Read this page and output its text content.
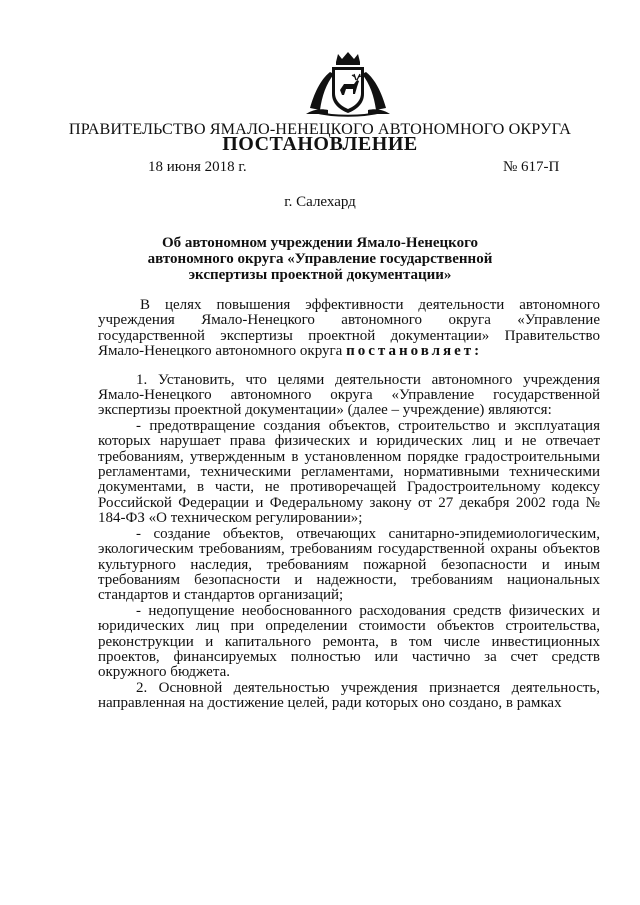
ПРАВИТЕЛЬСТВО ЯМАЛО-НЕНЕЦКОГО АВТОНОМНОГО ОКРУГА
ПОСТАНОВЛЕНИЕ
18 июня 2018 г.	№ 617-П
г. Салехард
Об автономном учреждении Ямало-Ненецкого автономного округа «Управление государственной экспертизы проектной документации»

В целях повышения эффективности деятельности автономного учреждения Ямало-Ненецкого автономного округа «Управление государственной экспертизы проектной документации» Правительство Ямало-Ненецкого автономного округа постановляет:

1. Установить, что целями деятельности автономного учреждения Ямало-Ненецкого автономного округа «Управление государственной экспертизы проектной документации» (далее – учреждение) являются:

- предотвращение создания объектов, строительство и эксплуатация которых нарушает права физических и юридических лиц и не отвечает требованиям, утвержденным в установленном порядке градостроительными регламентами, техническими регламентами, нормативными техническими документами, в части, не противоречащей Градостроительному кодексу Российской Федерации и Федеральному закону от 27 декабря 2002 года № 184-ФЗ «О техническом регулировании»;

- создание объектов, отвечающих санитарно-эпидемиологическим, экологическим требованиям, требованиям государственной охраны объектов культурного наследия, требованиям пожарной безопасности и иным требованиям безопасности и надежности, требованиям национальных стандартов и стандартов организаций;

- недопущение необоснованного расходования средств физических и юридических лиц при определении стоимости объектов строительства, реконструкции и капитального ремонта, в том числе инвестиционных проектов, финансируемых полностью или частично за счет средств окружного бюджета.

2. Основной деятельностью учреждения признается деятельность, направленная на достижение целей, ради которых оно создано, в рамках
